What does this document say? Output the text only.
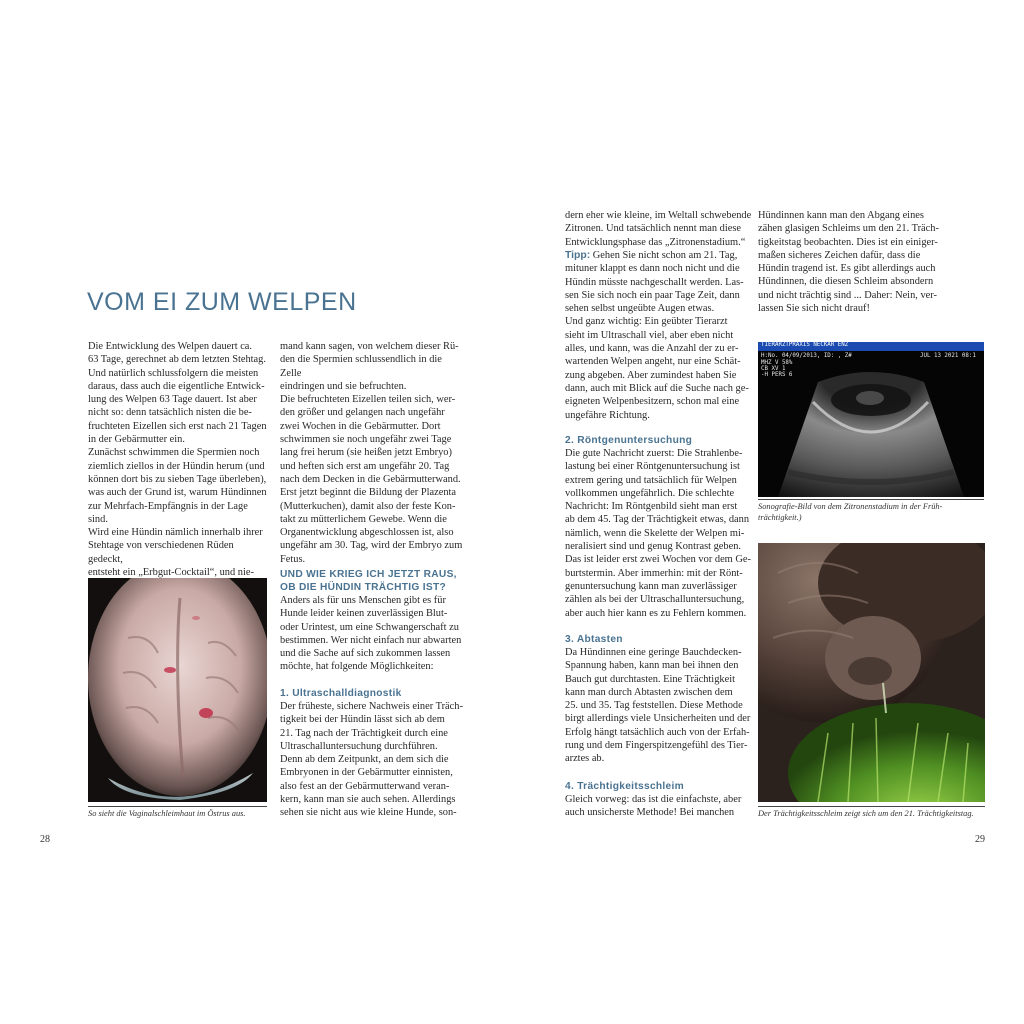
VOM EI ZUM WELPEN
Die Entwicklung des Welpen dauert ca.
63 Tage, gerechnet ab dem letzten Stehtag.
Und natürlich schlussfolgern die meisten
daraus, dass auch die eigentliche Entwick-
lung des Welpen 63 Tage dauert. Ist aber
nicht so: denn tatsächlich nisten die be-
fruchteten Eizellen sich erst nach 21 Tagen
in der Gebärmutter ein.
Zunächst schwimmen die Spermien noch
ziemlich ziellos in der Hündin herum (und
können dort bis zu sieben Tage überleben),
was auch der Grund ist, warum Hündinnen
zur Mehrfach-Empfängnis in der Lage sind.
Wird eine Hündin nämlich innerhalb ihrer
Stehtage von verschiedenen Rüden gedeckt,
entsteht ein „Erbgut-Cocktail“, und nie-
So sieht die Vaginalschleimhaut im Östrus aus.
mand kann sagen, von welchem dieser Rü-
den die Spermien schlussendlich in die Zelle
eindringen und sie befruchten.
Die befruchteten Eizellen teilen sich, wer-
den größer und gelangen nach ungefähr
zwei Wochen in die Gebärmutter. Dort
schwimmen sie noch ungefähr zwei Tage
lang frei herum (sie heißen jetzt Embryo)
und heften sich erst am ungefähr 20. Tag
nach dem Decken in die Gebärmutterwand.
Erst jetzt beginnt die Bildung der Plazenta
(Mutterkuchen), damit also der feste Kon-
takt zu mütterlichem Gewebe. Wenn die
Organentwicklung abgeschlossen ist, also
ungefähr am 30. Tag, wird der Embryo zum
Fetus.
UND WIE KRIEG ICH JETZT RAUS,
OB DIE HÜNDIN TRÄCHTIG IST?
Anders als für uns Menschen gibt es für
Hunde leider keinen zuverlässigen Blut-
oder Urintest, um eine Schwangerschaft zu
bestimmen. Wer nicht einfach nur abwarten
und die Sache auf sich zukommen lassen
möchte, hat folgende Möglichkeiten:
1. Ultraschalldiagnostik
Der früheste, sichere Nachweis einer Träch-
tigkeit bei der Hündin lässt sich ab dem
21. Tag nach der Trächtigkeit durch eine
Ultraschalluntersuchung durchführen.
Denn ab dem Zeitpunkt, an dem sich die
Embryonen in der Gebärmutter einnisten,
also fest an der Gebärmutterwand veran-
kern, kann man sie auch sehen. Allerdings
sehen sie nicht aus wie kleine Hunde, son-
28
dern eher wie kleine, im Weltall schwebende
Zitronen. Und tatsächlich nennt man diese
Entwicklungsphase das „Zitronenstadium.“
Tipp: Gehen Sie nicht schon am 21. Tag,
mituner klappt es dann noch nicht und die
Hündin müsste nachgeschallt werden. Las-
sen Sie sich noch ein paar Tage Zeit, dann
sehen selbst ungeübte Augen etwas.
Und ganz wichtig: Ein geübter Tierarzt
sieht im Ultraschall viel, aber eben nicht
alles, und kann, was die Anzahl der zu er-
wartenden Welpen angeht, nur eine Schät-
zung abgeben. Aber zumindest haben Sie
dann, auch mit Blick auf die Suche nach ge-
eigneten Welpenbesitzern, schon mal eine
ungefähre Richtung.
2. Röntgenuntersuchung
Die gute Nachricht zuerst: Die Strahlenbe-
lastung bei einer Röntgenuntersuchung ist
extrem gering und tatsächlich für Welpen
vollkommen ungefährlich. Die schlechte
Nachricht: Im Röntgenbild sieht man erst
ab dem 45. Tag der Trächtigkeit etwas, dann
nämlich, wenn die Skelette der Welpen mi-
neralisiert sind und genug Kontrast geben.
Das ist leider erst zwei Wochen vor dem Ge-
burtstermin. Aber immerhin: mit der Rönt-
genuntersuchung kann man zuverlässiger
zählen als bei der Ultraschalluntersuchung,
aber auch hier kann es zu Fehlern kommen.
3. Abtasten
Da Hündinnen eine geringe Bauchdecken-
Spannung haben, kann man bei ihnen den
Bauch gut durchtasten. Eine Trächtigkeit
kann man durch Abtasten zwischen dem
25. und 35. Tag feststellen. Diese Methode
birgt allerdings viele Unsicherheiten und der
Erfolg hängt tatsächlich auch von der Erfah-
rung und dem Fingerspitzengefühl des Tier-
arztes ab.
4. Trächtigkeitsschleim
Gleich vorweg: das ist die einfachste, aber
auch unsicherste Methode! Bei manchen
Hündinnen kann man den Abgang eines
zähen glasigen Schleims um den 21. Träch-
tigkeitstag beobachten. Dies ist ein einiger-
maßen sicheres Zeichen dafür, dass die
Hündin tragend ist. Es gibt allerdings auch
Hündinnen, die diesen Schleim absondern
und nicht trächtig sind ... Daher: Nein, ver-
lassen Sie sich nicht drauf!
TIERARZTPRAXIS NECKAR ENZ
H:No. 04/09/2013, ID: , Z#	JUL 13 2021 08:1
MHZ V 58%
CB XV 1
-H PERS 6
Sonografie-Bild von dem Zitronenstadium in der Früh-
trächtigkeit.)
Der Trächtigkeitsschleim zeigt sich um den 21. Trächtigkeitstag.
29
